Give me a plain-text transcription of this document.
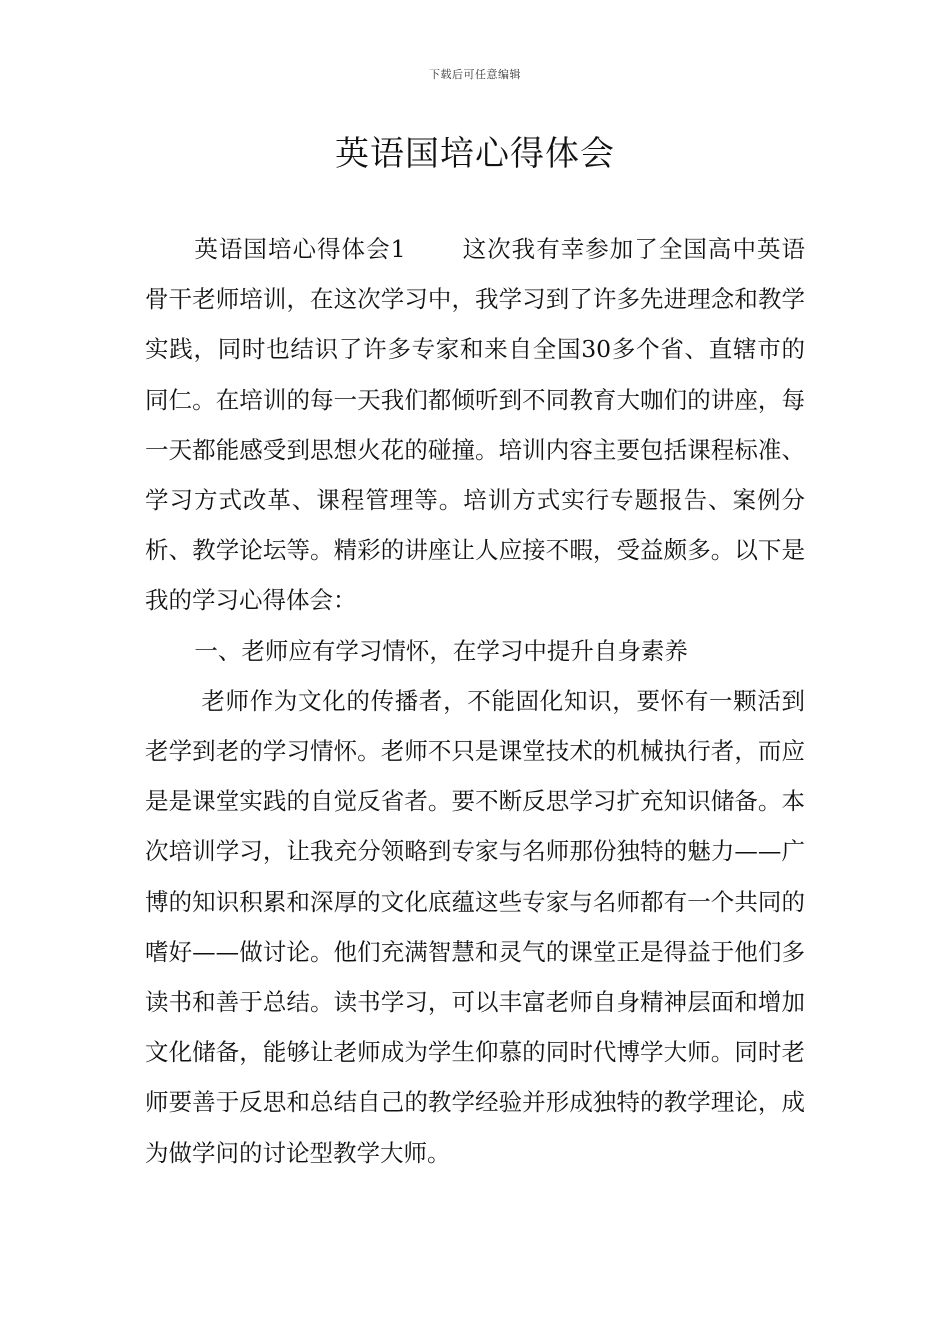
下载后可任意编辑
英语国培心得体会

英语国培心得体会1 这次我有幸参加了全国高中英语骨干老师培训，在这次学习中，我学习到了许多先进理念和教学实践，同时也结识了许多专家和来自全国30多个省、直辖市的同仁。在培训的每一天我们都倾听到不同教育大咖们的讲座，每一天都能感受到思想火花的碰撞。培训内容主要包括课程标准、学习方式改革、课程管理等。培训方式实行专题报告、案例分析、教学论坛等。精彩的讲座让人应接不暇，受益颇多。以下是我的学习心得体会：

一、老师应有学习情怀，在学习中提升自身素养

老师作为文化的传播者，不能固化知识，要怀有一颗活到老学到老的学习情怀。老师不只是课堂技术的机械执行者，而应是是课堂实践的自觉反省者。要不断反思学习扩充知识储备。本次培训学习，让我充分领略到专家与名师那份独特的魅力——广博的知识积累和深厚的文化底蕴这些专家与名师都有一个共同的嗜好——做讨论。他们充满智慧和灵气的课堂正是得益于他们多读书和善于总结。读书学习，可以丰富老师自身精神层面和增加文化储备，能够让老师成为学生仰慕的同时代博学大师。同时老师要善于反思和总结自己的教学经验并形成独特的教学理论，成为做学问的讨论型教学大师。
